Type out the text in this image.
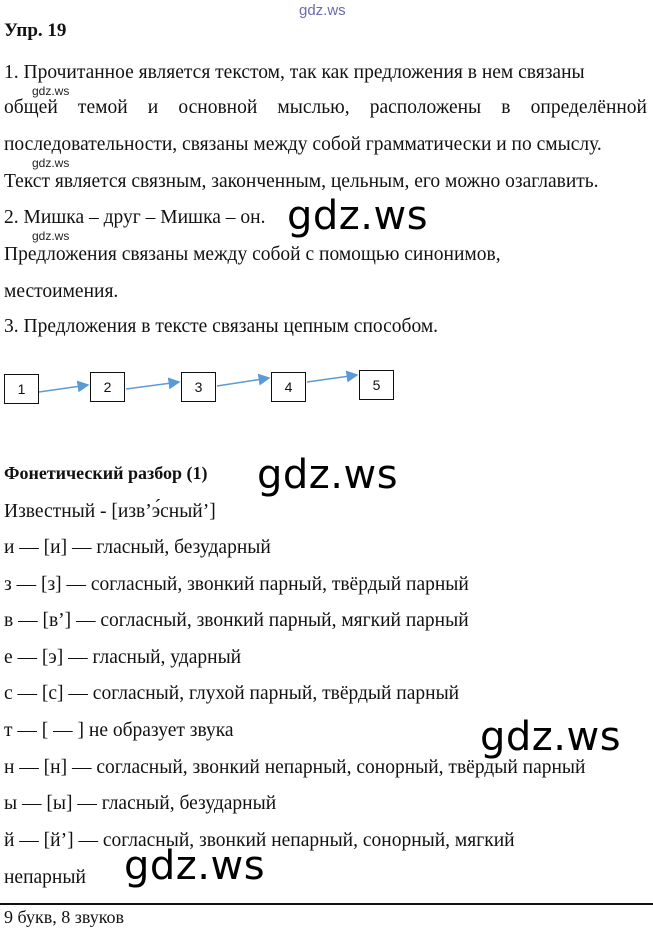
gdz.ws
Упр. 19
1. Прочитанное является текстом, так как предложения в нем связаны
gdz.ws
общей темой и основной мыслью, расположены в определённой
последовательности, связаны между собой грамматически и по смыслу.
gdz.ws
Текст является связным, законченным, цельным, его можно озаглавить.
2. Мишка – друг – Мишка – он. gdz.ws
gdz.ws
Предложения связаны между собой с помощью синонимов,
местоимения.
3. Предложения в тексте связаны цепным способом.
1	2	3	4	5
Фонетический разбор (1) gdz.ws
Известный - [изв’э́сный’]
и — [и] — гласный, безударный
з — [з] — согласный, звонкий парный, твёрдый парный
в — [в’] — согласный, звонкий парный, мягкий парный
е — [э] — гласный, ударный
с — [с] — согласный, глухой парный, твёрдый парный
т — [ — ] не образует звука	gdz.ws
н — [н] — согласный, звонкий непарный, сонорный, твёрдый парный
ы — [ы] — гласный, безударный
й — [й’] — согласный, звонкий непарный, сонорный, мягкий
непарный gdz.ws
9 букв, 8 звуков
